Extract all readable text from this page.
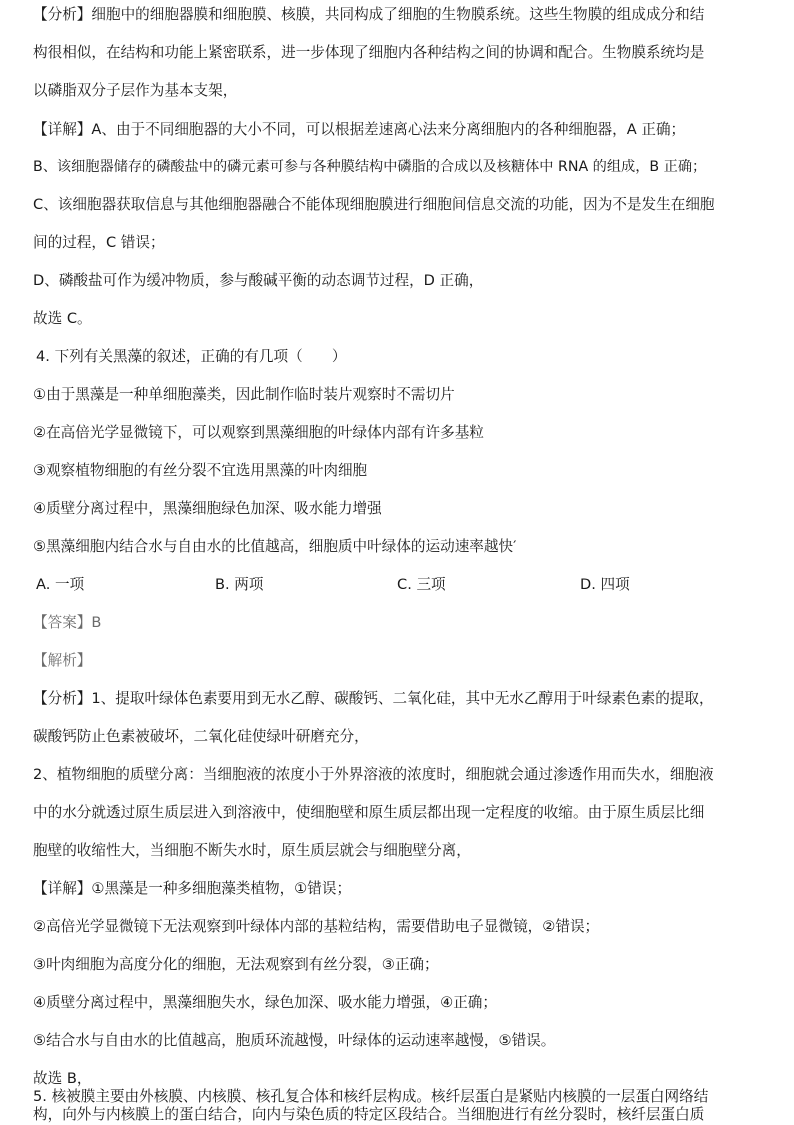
【分析】细胞中的细胞器膜和细胞膜、核膜，共同构成了细胞的生物膜系统。这些生物膜的组成成分和结
构很相似，在结构和功能上紧密联系，进一步体现了细胞内各种结构之间的协调和配合。生物膜系统均是
以磷脂双分子层作为基本支架，
【详解】A、由于不同细胞器的大小不同，可以根据差速离心法来分离细胞内的各种细胞器，A 正确；
B、该细胞器储存的磷酸盐中的磷元素可参与各种膜结构中磷脂的合成以及核糖体中 RNA 的组成，B 正确；
C、该细胞器获取信息与其他细胞器融合不能体现细胞膜进行细胞间信息交流的功能，因为不是发生在细胞
间的过程，C 错误；
D、磷酸盐可作为缓冲物质，参与酸碱平衡的动态调节过程，D 正确，
故选 C。
4. 下列有关黑藻的叙述，正确的有几项（　　）
①由于黑藻是一种单细胞藻类，因此制作临时装片观察时不需切片
②在高倍光学显微镜下，可以观察到黑藻细胞的叶绿体内部有许多基粒
③观察植物细胞的有丝分裂不宜选用黑藻的叶肉细胞
④质壁分离过程中，黑藻细胞绿色加深、吸水能力增强
⑤黑藻细胞内结合水与自由水的比值越高，细胞质中叶绿体的运动速率越快′
A. 一项	B. 两项	C. 三项	D. 四项
【答案】B
【解析】
【分析】1、提取叶绿体色素要用到无水乙醇、碳酸钙、二氧化硅，其中无水乙醇用于叶绿素色素的提取，
碳酸钙防止色素被破坏，二氧化硅使绿叶研磨充分，
2、植物细胞的质壁分离：当细胞液的浓度小于外界溶液的浓度时，细胞就会通过渗透作用而失水，细胞液
中的水分就透过原生质层进入到溶液中，使细胞壁和原生质层都出现一定程度的收缩。由于原生质层比细
胞壁的收缩性大，当细胞不断失水时，原生质层就会与细胞壁分离，
【详解】①黑藻是一种多细胞藻类植物，①错误；
②高倍光学显微镜下无法观察到叶绿体内部的基粒结构，需要借助电子显微镜，②错误；
③叶肉细胞为高度分化的细胞，无法观察到有丝分裂，③正确；
④质壁分离过程中，黑藻细胞失水，绿色加深、吸水能力增强，④正确；
⑤结合水与自由水的比值越高，胞质环流越慢，叶绿体的运动速率越慢，⑤错误。
故选 B，
5. 核被膜主要由外核膜、内核膜、核孔复合体和核纤层构成。核纤层蛋白是紧贴内核膜的一层蛋白网络结
构，向外与内核膜上的蛋白结合，向内与染色质的特定区段结合。当细胞进行有丝分裂时，核纤层蛋白质
